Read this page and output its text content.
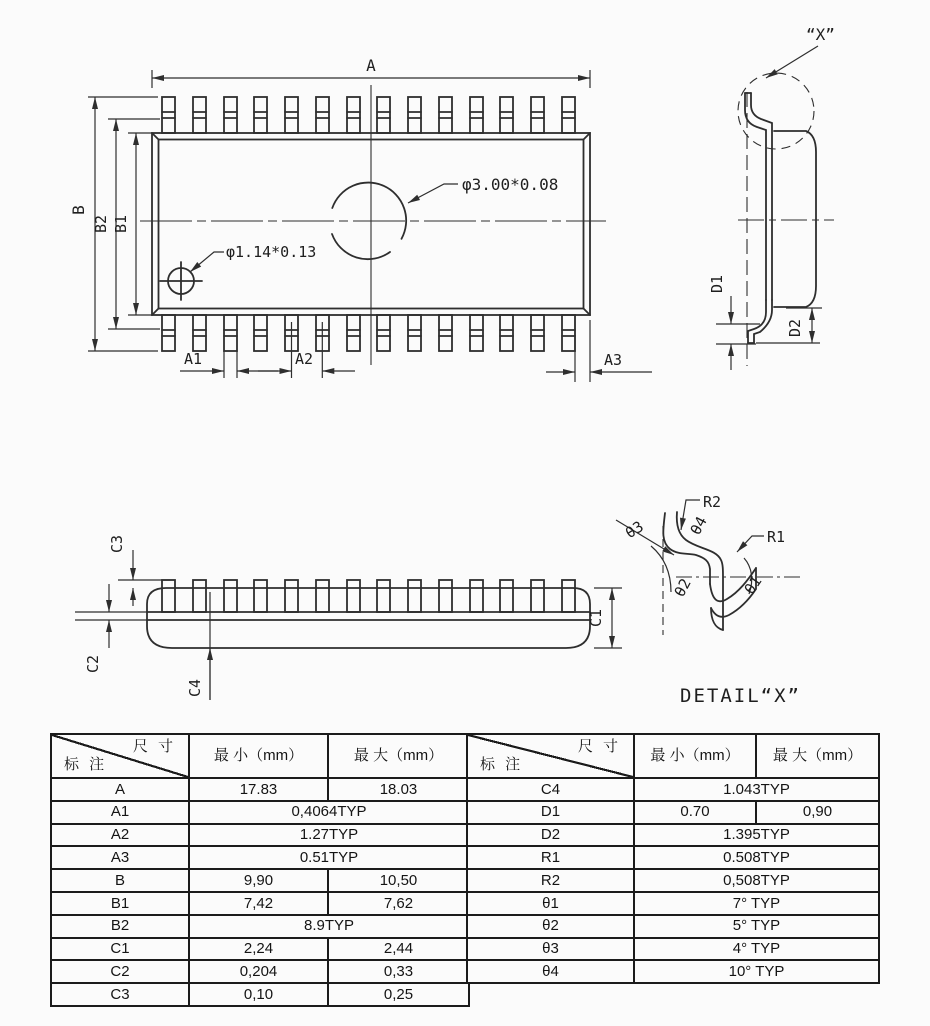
φ3.00*0.08
φ1.14*0.13
A
B
B2 B1
A1	A2	A3
“X”
D1
D2
C3
C2
C1
C4
R2
R1
θ3	θ4
θ2	θ1
DETAIL“X”
尺 寸
标 注	最 小（mm）	最 大（mm）
A	17.83	18.03
A1	0,4064TYP	
A2	1.27TYP	
A3	0.51TYP	
B	9,90	10,50
B1	7,42	7,62
B2	8.9TYP	
C1	2,24	2,44
C2	0,204	0,33
C3	0,10	0,25
尺 寸
标 注	最 小（mm）	最 大（mm）
C4	1.043TYP	
D1	0.70	0,90
D2	1.395TYP	
R1	0.508TYP	
R2	0,508TYP	
θ1	7° TYP	
θ2	5° TYP	
θ3	4° TYP	
θ4	10° TYP	
